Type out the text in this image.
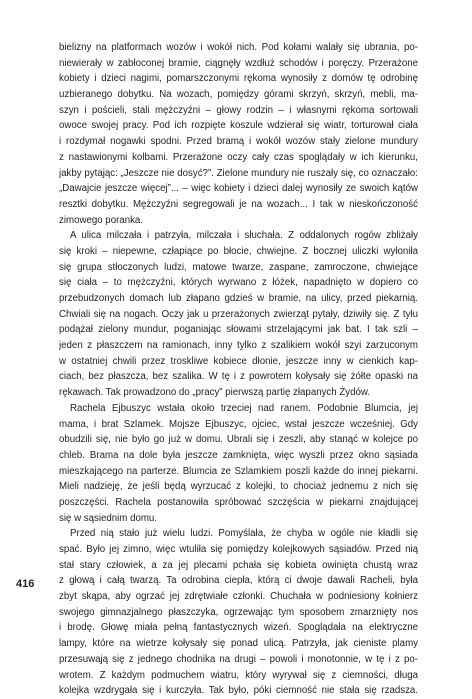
bielizny na platformach wozów i wokół nich. Pod kołami walały się ubrania, po-

niewierały w zabłoconej bramie, ciągnęły wzdłuż schodów i poręczy. Przerażone

kobiety i dzieci nagimi, pomarszczonymi rękoma wynosiły z domów tę odrobinę

uzbieranego dobytku. Na wozach, pomiędzy górami skrzyń, skrzyń, mebli, ma-

szyn i pościeli, stali mężczyźni – głowy rodzin – i własnymi rękoma sortowali

owoce swojej pracy. Pod ich rozpięte koszule wdzierał się wiatr, torturował ciała

i rozdymał nogawki spodni. Przed bramą i wokół wozów stały zielone mundury

z nastawionymi kolbami. Przerażone oczy cały czas spoglądały w ich kierunku,

jakby pytając: „Jeszcze nie dosyć?”. Zielone mundury nie ruszały się, co oznaczało:

„Dawajcie jeszcze więcej”... – więc kobiety i dzieci dalej wynosiły ze swoich kątów

resztki dobytku. Mężczyźni segregowali je na wozach... I tak w nieskończoność

zimowego poranka.

A ulica milczała i patrzyła, milczała i słuchała. Z oddalonych rogów zbliżały

się kroki – niepewne, człapiące po błocie, chwiejne. Z bocznej uliczki wyłoniła

się grupa stłoczonych ludzi, matowe twarze, zaspane, zamroczone, chwiejące

się ciała – to mężczyźni, których wyrwano z łóżek, napadnięto w dopiero co

przebudzonych domach lub złapano gdzieś w bramie, na ulicy, przed piekarnią.

Chwiali się na nogach. Oczy jak u przerażonych zwierząt pytały, dziwiły się. Z tyłu

podążał zielony mundur, poganiając słowami strzelającymi jak bat. I tak szli –

jeden z płaszczem na ramionach, inny tylko z szalikiem wokół szyi zarzuconym

w ostatniej chwili przez troskliwe kobiece dłonie, jeszcze inny w cienkich kap-

ciach, bez płaszcza, bez szalika. W tę i z powrotem kołysały się żółte opaski na

rękawach. Tak prowadzono do „pracy” pierwszą partię złapanych Żydów.

Rachela Ejbuszyc wstała około trzeciej nad ranem. Podobnie Blumcia, jej

mama, i brat Szlamek. Mojsze Ejbuszyc, ojciec, wstał jeszcze wcześniej. Gdy

obudzili się, nie było go już w domu. Ubrali się i zeszli, aby stanąć w kolejce po

chleb. Brama na dole była jeszcze zamknięta, więc wyszli przez okno sąsiada

mieszkającego na parterze. Blumcia ze Szlamkiem poszli każde do innej piekarni.

Mieli nadzieję, że jeśli będą wyrzucać z kolejki, to chociaż jednemu z nich się

poszczęści. Rachela postanowiła spróbować szczęścia w piekarni znajdującej

się w sąsiednim domu.

Przed nią stało już wielu ludzi. Pomyślała, że chyba w ogóle nie kładli się

spać. Było jej zimno, więc wtuliła się pomiędzy kolejkowych sąsiadów. Przed nią

stał stary człowiek, a za jej plecami pchała się kobieta owinięta chustą wraz

z głową i całą twarzą. Ta odrobina ciepła, którą ci dwoje dawali Racheli, była

zbyt skąpa, aby ogrzać jej zdrętwiałe członki. Chuchała w podniesiony kołnierz

swojego gimnazjalnego płaszczyka, ogrzewając tym sposobem zmarznięty nos

i brodę. Głowę miała pełną fantastycznych wizeń. Spoglądała na elektryczne

lampy, które na wietrze kołysały się ponad ulicą. Patrzyła, jak cieniste plamy

przesuwają się z jednego chodnika na drugi – powoli i monotonnie, w tę i z po-

wrotem. Z każdym podmuchem wiatru, który wyrywał się z ciemności, długa

kolejka wzdrygała się i kurczyła. Tak było, póki ciemność nie stała się rzadsza.

416
